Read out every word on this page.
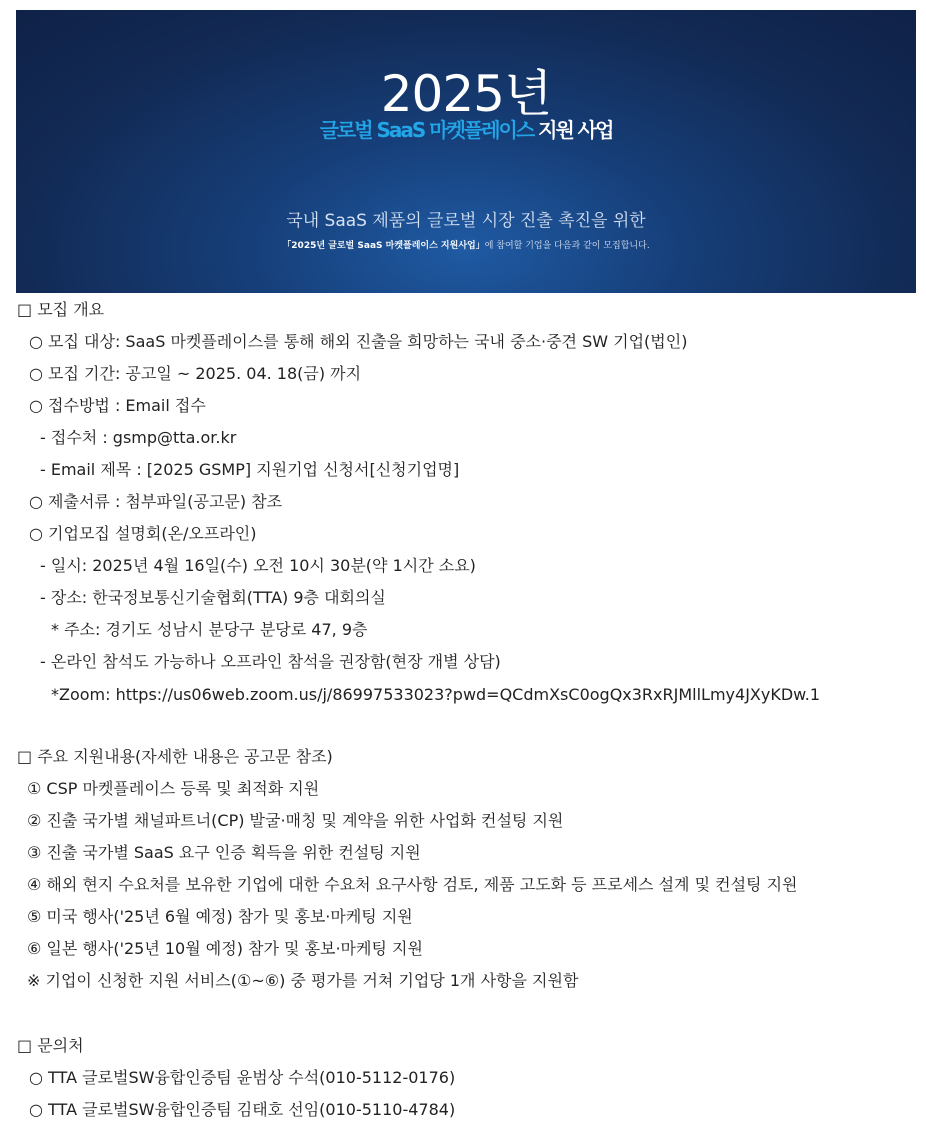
2025년
글로벌 SaaS 마켓플레이스 지원 사업
국내 SaaS 제품의 글로벌 시장 진출 촉진을 위한
「2025년 글로벌 SaaS 마켓플레이스 지원사업」에 참여할 기업을 다음과 같이 모집합니다.
□ 모집 개요
○ 모집 대상: SaaS 마켓플레이스를 통해 해외 진출을 희망하는 국내 중소·중견 SW 기업(법인)
○ 모집 기간: 공고일 ~ 2025. 04. 18(금) 까지
○ 접수방법 : Email 접수
- 접수처 : gsmp@tta.or.kr
- Email 제목 : [2025 GSMP] 지원기업 신청서[신청기업명]
○ 제출서류 : 첨부파일(공고문) 참조
○ 기업모집 설명회(온/오프라인)
- 일시: 2025년 4월 16일(수) 오전 10시 30분(약 1시간 소요)
- 장소: 한국정보통신기술협회(TTA) 9층 대회의실
* 주소: 경기도 성남시 분당구 분당로 47, 9층
- 온라인 참석도 가능하나 오프라인 참석을 권장함(현장 개별 상담)
*Zoom: https://us06web.zoom.us/j/86997533023?pwd=QCdmXsC0ogQx3RxRJMllLmy4JXyKDw.1
□ 주요 지원내용(자세한 내용은 공고문 참조)
① CSP 마켓플레이스 등록 및 최적화 지원
② 진출 국가별 채널파트너(CP) 발굴·매칭 및 계약을 위한 사업화 컨설팅 지원
③ 진출 국가별 SaaS 요구 인증 획득을 위한 컨설팅 지원
④ 해외 현지 수요처를 보유한 기업에 대한 수요처 요구사항 검토, 제품 고도화 등 프로세스 설계 및 컨설팅 지원
⑤ 미국 행사('25년 6월 예정) 참가 및 홍보·마케팅 지원
⑥ 일본 행사('25년 10월 예정) 참가 및 홍보·마케팅 지원
※ 기업이 신청한 지원 서비스(①~⑥) 중 평가를 거쳐 기업당 1개 사항을 지원함
□ 문의처
○ TTA 글로벌SW융합인증팀 윤범상 수석(010-5112-0176)
○ TTA 글로벌SW융합인증팀 김태호 선임(010-5110-4784)
